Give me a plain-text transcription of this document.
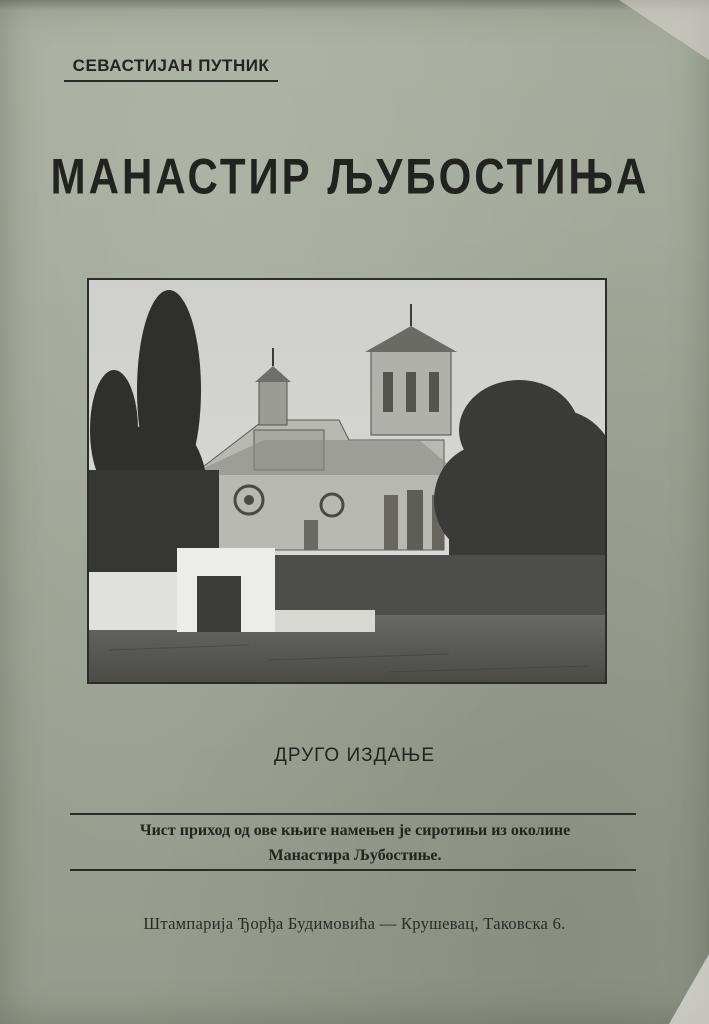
СЕВАСТИЈАН ПУТНИК
МАНАСТИР ЉУБОСТИЊА
ДРУГО ИЗДАЊЕ
Чист приход од ове књиге намењен је сиротињи из околине
Манастира Љубостиње.
Штампарија Ђорђа Будимовића — Крушевац, Таковска 6.
